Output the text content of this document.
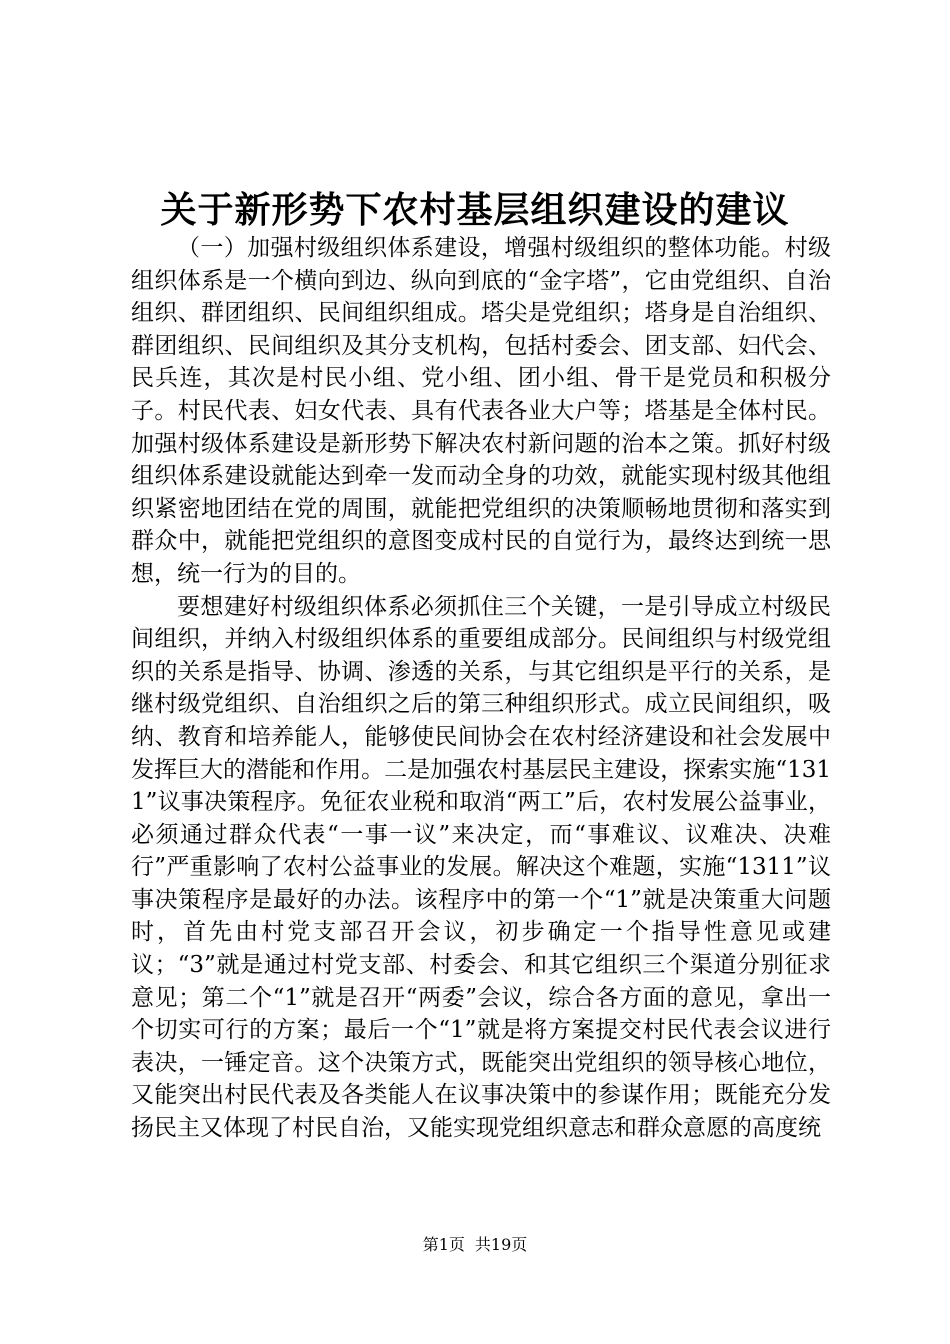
关于新形势下农村基层组织建设的建议

（一）加强村级组织体系建设，增强村级组织的整体功能。村级组织体系是一个横向到边、纵向到底的“金字塔”，它由党组织、自治组织、群团组织、民间组织组成。塔尖是党组织；塔身是自治组织、群团组织、民间组织及其分支机构，包括村委会、团支部、妇代会、民兵连，其次是村民小组、党小组、团小组、骨干是党员和积极分子。村民代表、妇女代表、具有代表各业大户等；塔基是全体村民。加强村级体系建设是新形势下解决农村新问题的治本之策。抓好村级组织体系建设就能达到牵一发而动全身的功效，就能实现村级其他组织紧密地团结在党的周围，就能把党组织的决策顺畅地贯彻和落实到群众中，就能把党组织的意图变成村民的自觉行为，最终达到统一思想，统一行为的目的。

要想建好村级组织体系必须抓住三个关键，一是引导成立村级民间组织，并纳入村级组织体系的重要组成部分。民间组织与村级党组织的关系是指导、协调、渗透的关系，与其它组织是平行的关系，是继村级党组织、自治组织之后的第三种组织形式。成立民间组织，吸纳、教育和培养能人，能够使民间协会在农村经济建设和社会发展中发挥巨大的潜能和作用。二是加强农村基层民主建设，探索实施“1311”议事决策程序。免征农业税和取消“两工”后，农村发展公益事业，必须通过群众代表“一事一议”来决定，而“事难议、议难决、决难行”严重影响了农村公益事业的发展。解决这个难题，实施“1311”议事决策程序是最好的办法。该程序中的第一个“1”就是决策重大问题时，首先由村党支部召开会议，初步确定一个指导性意见或建议；“3”就是通过村党支部、村委会、和其它组织三个渠道分别征求意见；第二个“1”就是召开“两委”会议，综合各方面的意见，拿出一个切实可行的方案；最后一个“1”就是将方案提交村民代表会议进行表决，一锤定音。这个决策方式，既能突出党组织的领导核心地位，又能突出村民代表及各类能人在议事决策中的参谋作用；既能充分发扬民主又体现了村民自治，又能实现党组织意志和群众意愿的高度统

第1页 共19页
